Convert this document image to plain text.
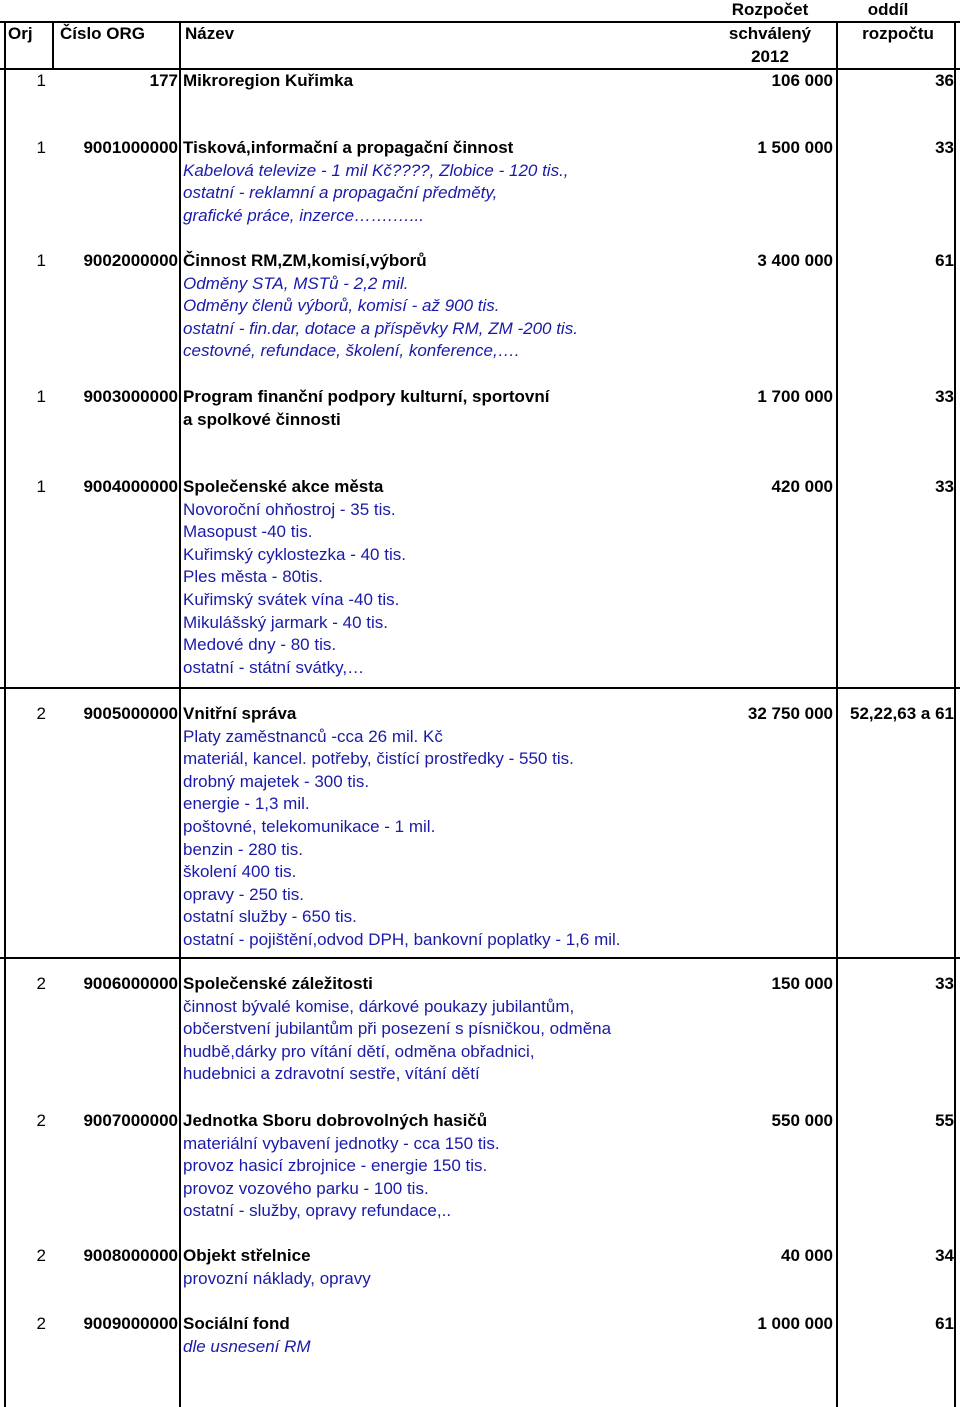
Rozpočet	oddíl
Orj Číslo ORG Název	schválený	rozpočtu
2012
1	177 Mikroregion Kuřimka	106 000	36
1	9001000000 Tisková,informační a propagační činnost	1 500 000	33
Kabelová televize - 1 mil Kč????, Zlobice - 120 tis.,
ostatní - reklamní a propagační předměty,
grafické práce, inzerce…….…...
1	9002000000 Činnost RM,ZM,komisí,výborů	3 400 000	61
Odměny STA, MSTů - 2,2 mil.
Odměny členů výborů, komisí - až 900 tis.
ostatní - fin.dar, dotace a příspěvky RM, ZM -200 tis.
cestovné, refundace, školení, konference,….
1	9003000000 Program finanční podpory kulturní, sportovní	1 700 000	33
a spolkové činnosti
1	9004000000 Společenské akce města	420 000	33
Novoroční ohňostroj - 35 tis.
Masopust -40 tis.
Kuřimský cyklostezka - 40 tis.
Ples města - 80tis.
Kuřimský svátek vína -40 tis.
Mikulášský jarmark - 40 tis.
Medové dny - 80 tis.
ostatní - státní svátky,…
2	9005000000 Vnitřní správa	32 750 000	52,22,63 a 61
Platy zaměstnanců -cca 26 mil. Kč
materiál, kancel. potřeby, čistící prostředky - 550 tis.
drobný majetek - 300 tis.
energie - 1,3 mil.
poštovné, telekomunikace - 1 mil.
benzin - 280 tis.
školení 400 tis.
opravy - 250 tis.
ostatní služby - 650 tis.
ostatní - pojištění,odvod DPH, bankovní poplatky - 1,6 mil.
2	9006000000 Společenské záležitosti	150 000	33
činnost bývalé komise, dárkové poukazy jubilantům,
občerstvení jubilantům při posezení s písničkou, odměna
hudbě,dárky pro vítání dětí, odměna obřadnici,
hudebnici a zdravotní sestře, vítání dětí
2	9007000000 Jednotka Sboru dobrovolných hasičů	550 000	55
materiální vybavení jednotky - cca 150 tis.
provoz hasicí zbrojnice - energie 150 tis.
provoz vozového parku - 100 tis.
ostatní - služby, opravy refundace,..
2	9008000000 Objekt střelnice	40 000	34
provozní náklady, opravy
2	9009000000 Sociální fond	1 000 000	61
dle usnesení RM
